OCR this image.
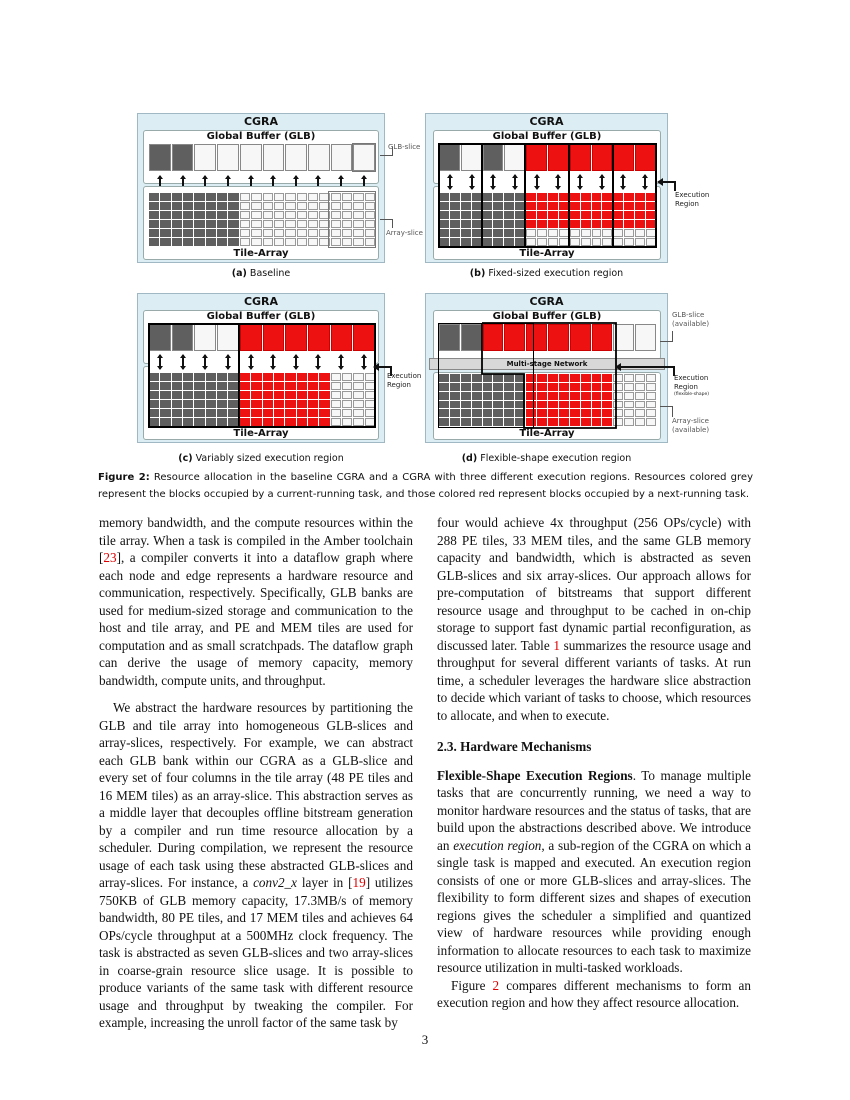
CGRA
Global Buffer (GLB)
Tile-Array
GLB-slice
Array-slice
(a) Baseline
CGRA
Global Buffer (GLB)
Tile-Array
Execution
Region
(b) Fixed-sized execution region
CGRA
Global Buffer (GLB)
Tile-Array
Execution
Region
(c) Variably sized execution region
CGRA
Global Buffer (GLB)
Tile-Array
Multi-stage Network
GLB-slice
(available)
Execution
Region
(flexible-shape)
Array-slice
(available)
(d) Flexible-shape execution region
Figure 2: Resource allocation in the baseline CGRA and a CGRA with three different execution regions. Resources colored grey represent the blocks occupied by a current-running task, and those colored red represent blocks occupied by a next-running task.

memory bandwidth, and the compute resources within the tile array. When a task is compiled in the Amber toolchain [23], a compiler converts it into a dataflow graph where each node and edge represents a hardware resource and communication, respectively. Specifically, GLB banks are used for medium-sized storage and communication to the host and tile array, and PE and MEM tiles are used for computation and as small scratchpads. The dataflow graph can derive the usage of memory capacity, memory bandwidth, compute units, and throughput.

We abstract the hardware resources by partitioning the GLB and tile array into homogeneous GLB-slices and array-slices, respectively. For example, we can abstract each GLB bank within our CGRA as a GLB-slice and every set of four columns in the tile array (48 PE tiles and 16 MEM tiles) as an array-slice. This abstraction serves as a middle layer that decouples offline bitstream generation by a compiler and run time resource allocation by a scheduler. During compilation, we represent the resource usage of each task using these abstracted GLB-slices and array-slices. For instance, a conv2_x layer in [19] utilizes 750KB of GLB memory capacity, 17.3MB/s of memory bandwidth, 80 PE tiles, and 17 MEM tiles and achieves 64 OPs/cycle throughput at a 500MHz clock frequency. The task is abstracted as seven GLB-slices and two array-slices in coarse-grain resource slice usage. It is possible to produce variants of the same task with different resource usage and throughput by tweaking the compiler. For example, increasing the unroll factor of the same task by

four would achieve 4x throughput (256 OPs/cycle) with 288 PE tiles, 33 MEM tiles, and the same GLB memory capacity and bandwidth, which is abstracted as seven GLB-slices and six array-slices. Our approach allows for pre-computation of bitstreams that support different resource usage and throughput to be cached in on-chip storage to support fast dynamic partial reconfiguration, as discussed later. Table 1 summarizes the resource usage and throughput for several different variants of tasks. At run time, a scheduler leverages the hardware slice abstraction to decide which variant of tasks to choose, which resources to allocate, and when to execute.

2.3. Hardware Mechanisms

Flexible-Shape Execution Regions. To manage multiple tasks that are concurrently running, we need a way to monitor hardware resources and the status of tasks, that are build upon the abstractions described above. We introduce an execution region, a sub-region of the CGRA on which a single task is mapped and executed. An execution region consists of one or more GLB-slices and array-slices. The flexibility to form different sizes and shapes of execution regions gives the scheduler a simplified and quantized view of hardware resources while providing enough information to allocate resources to each task to maximize resource utilization in multi-tasked workloads.

Figure 2 compares different mechanisms to form an execution region and how they affect resource allocation.

3
